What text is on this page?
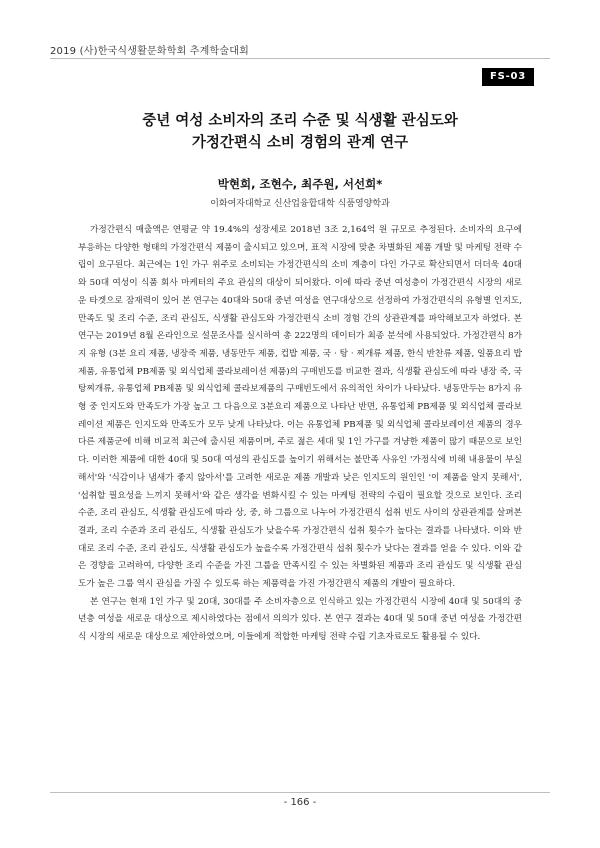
2019 (사)한국식생활문화학회 추계학술대회
FS-03

중년 여성 소비자의 조리 수준 및 식생활 관심도와

가정간편식 소비 경험의 관계 연구

박현희, 조현수, 최주원, 서선희*
이화여자대학교 신산업융합대학 식품영양학과

가정간편식 매출액은 연평균 약 19.4%의 성장세로 2018년 3조 2,164억 원 규모로 추정된다. 소비자의 요구에 부응하는 다양한 형태의 가정간편식 제품이 출시되고 있으며, 표적 시장에 맞춘 차별화된 제품 개발 및 마케팅 전략 수립이 요구된다. 최근에는 1인 가구 위주로 소비되는 가정간편식의 소비 계층이 다인 가구로 확산되면서 더더욱 40대와 50대 여성이 식품 회사 마케터의 주요 관심의 대상이 되어왔다. 이에 따라 중년 여성층이 가정간편식 시장의 새로운 타겟으로 잠재력이 있어 본 연구는 40대와 50대 중년 여성을 연구대상으로 선정하여 가정간편식의 유형별 인지도, 만족도 및 조리 수준, 조리 관심도, 식생활 관심도와 가정간편식 소비 경험 간의 상관관계를 파악해보고자 하였다. 본 연구는 2019년 8월 온라인으로 설문조사를 실시하여 총 222명의 데이터가 최종 분석에 사용되었다. 가정간편식 8가지 유형 (3분 요리 제품, 냉장죽 제품, 냉동만두 제품, 컵밥 제품, 국 · 탕 · 찌개류 제품, 한식 반찬류 제품, 일품요리 밥 제품, 유통업체 PB제품 및 외식업체 콜라보레이션 제품)의 구매빈도를 비교한 결과, 식생활 관심도에 따라 냉장 죽, 국탕찌개류, 유통업체 PB제품 및 외식업체 콜라보제품의 구매빈도에서 유의적인 차이가 나타났다. 냉동만두는 8가지 유형 중 인지도와 만족도가 가장 높고 그 다음으로 3분요리 제품으로 나타난 반면, 유통업체 PB제품 및 외식업체 콜라보레이션 제품은 인지도와 만족도가 모두 낮게 나타났다. 이는 유통업체 PB제품 및 외식업체 콜라보레이션 제품의 경우 다른 제품군에 비해 비교적 최근에 출시된 제품이며, 주로 젊은 세대 및 1인 가구를 겨냥한 제품이 많기 때문으로 보인다. 이러한 제품에 대한 40대 및 50대 여성의 관심도를 높이기 위해서는 불만족 사유인 '가정식에 비해 내용물이 부실해서'와 '식감이나 냄새가 좋지 않아서'를 고려한 새로운 제품 개발과 낮은 인지도의 원인인 '이 제품을 알지 못해서', '섭취할 필요성을 느끼지 못해서'와 같은 생각을 변화시킬 수 있는 마케팅 전략의 수립이 필요할 것으로 보인다. 조리 수준, 조리 관심도, 식생활 관심도에 따라 상, 중, 하 그룹으로 나누어 가정간편식 섭취 빈도 사이의 상관관계를 살펴본 결과, 조리 수준과 조리 관심도, 식생활 관심도가 낮을수록 가정간편식 섭취 횟수가 높다는 결과를 나타냈다. 이와 반대로 조리 수준, 조리 관심도, 식생활 관심도가 높을수록 가정간편식 섭취 횟수가 낮다는 결과를 얻을 수 있다. 이와 같은 경향을 고려하여, 다양한 조리 수준을 가진 그룹을 만족시킬 수 있는 차별화된 제품과 조리 관심도 및 식생활 관심도가 높은 그룹 역시 관심을 가질 수 있도록 하는 제품력을 가진 가정간편식 제품의 개발이 필요하다.

본 연구는 현재 1인 가구 및 20대, 30대를 주 소비자층으로 인식하고 있는 가정간편식 시장에 40대 및 50대의 중년층 여성을 새로운 대상으로 제시하였다는 점에서 의의가 있다. 본 연구 결과는 40대 및 50대 중년 여성을 가정간편식 시장의 새로운 대상으로 제안하였으며, 이들에게 적합한 마케팅 전략 수립 기초자료로도 활용될 수 있다.

- 166 -
